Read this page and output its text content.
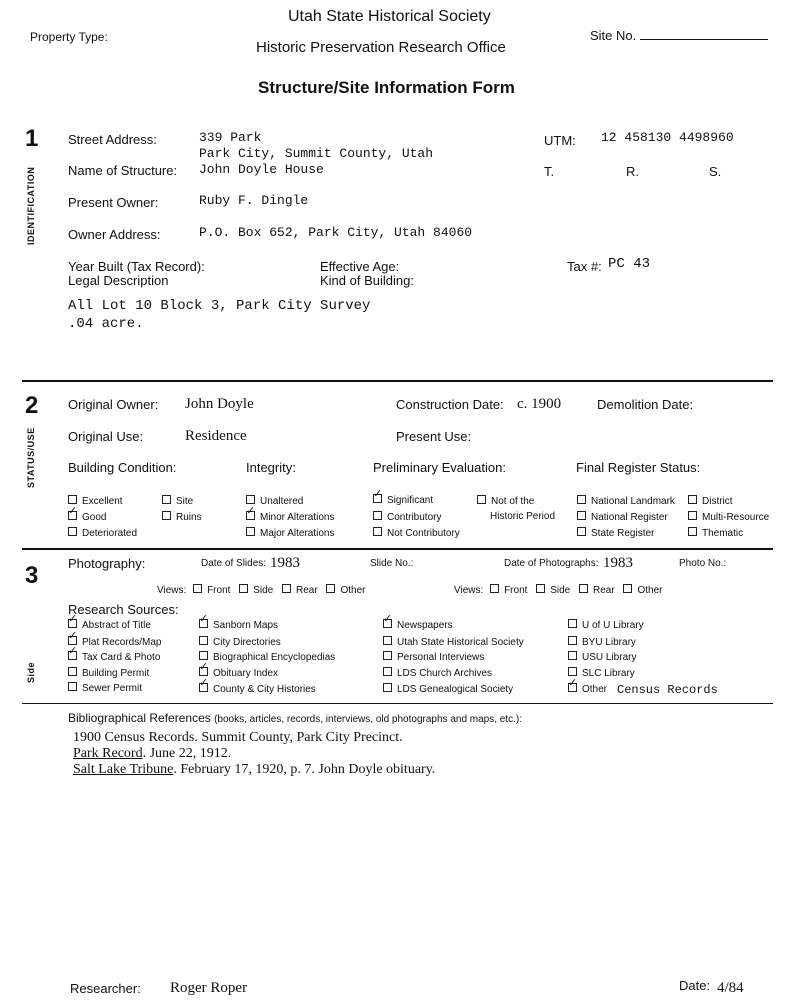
Utah State Historical Society
Property Type:	Site No.
Historic Preservation Research Office
Structure/Site Information Form
1
IDENTIFICATION
Street Address:	339 Park
Park City, Summit County, Utah
UTM: 12 458130 4498960
Name of Structure: John Doyle House	T.	R.	S.
Present Owner:	Ruby F. Dingle
Owner Address:	P.O. Box 652, Park City, Utah 84060
Year Built (Tax Record):	Effective Age:	Tax #: PC 43
Legal Description	Kind of Building:
All Lot 10 Block 3, Park City Survey
.04 acre.
2
STATUS/USE
Original Owner: John Doyle	Construction Date: c. 1900	Demolition Date:
Original Use:	Residence	Present Use:
Building Condition:	Integrity:	Preliminary Evaluation:	Final Register Status:
Excellent	Site
✓Good	Ruins
Deteriorated
Unaltered
✓Minor Alterations
Major Alterations
✓Significant
Contributory
Not Contributory
Not of the
Historic Period
National Landmark
National Register
State Register
District
Multi-Resource
Thematic
3
Side
Photography:	Date of Slides: 1983	Slide No.:	Date of Photographs: 1983	Photo No.:
Views: Front Side Rear Other	Views: Front Side Rear Other
Research Sources:
✓Abstract of Title
✓Plat Records/Map
✓Tax Card & Photo
Building Permit
Sewer Permit
✓Sanborn Maps
City Directories
Biographical Encyclopedias
✓Obituary Index
✓County & City Histories
✓Newspapers
Utah State Historical Society
Personal Interviews
LDS Church Archives
LDS Genealogical Society
U of U Library
BYU Library
USU Library
SLC Library
✓Other Census Records
Bibliographical References (books, articles, records, interviews, old photographs and maps, etc.):
1900 Census Records. Summit County, Park City Precinct.
Park Record. June 22, 1912.
Salt Lake Tribune. February 17, 1920, p. 7. John Doyle obituary.
Researcher: Roger Roper	Date: 4/84
